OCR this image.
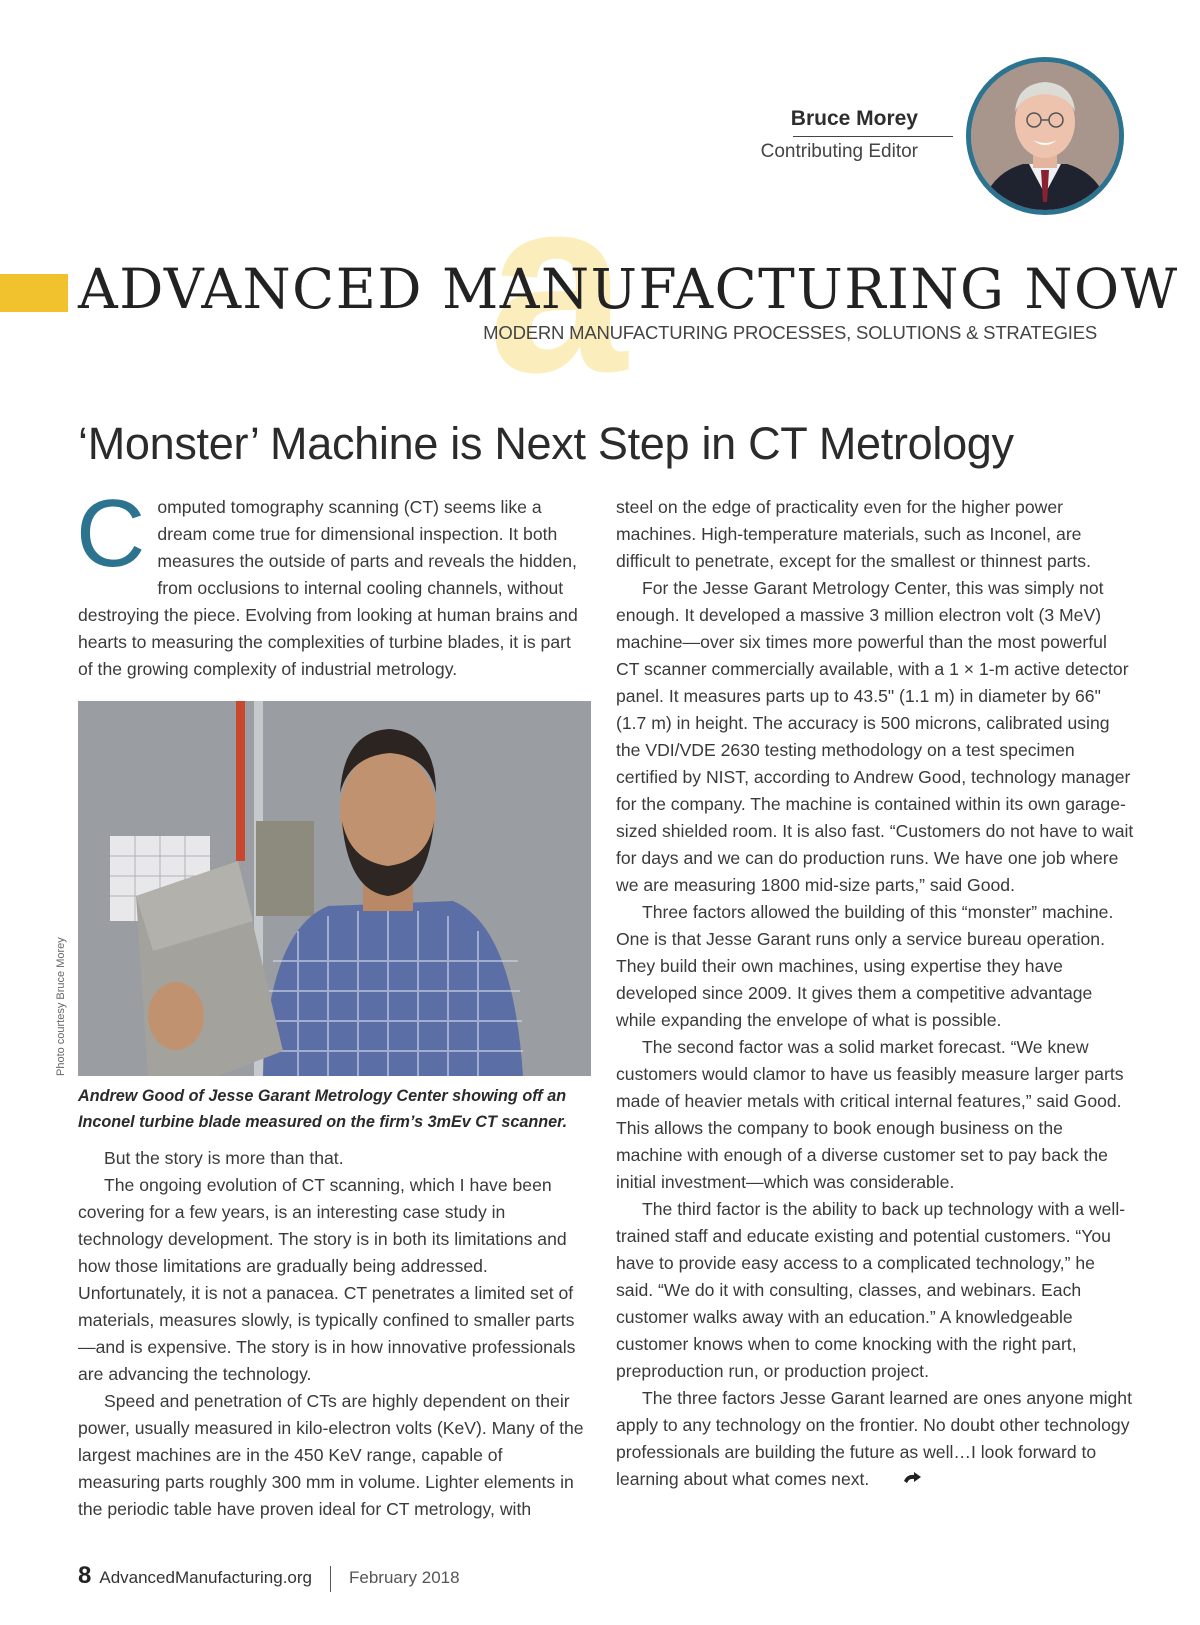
Bruce Morey
Contributing Editor
a
ADVANCED MANUFACTURING NOW
MODERN MANUFACTURING PROCESSES, SOLUTIONS & STRATEGIES
‘Monster’ Machine is Next Step in CT Metrology
C omputed tomography scanning (CT) seems like a dream come true for dimensional inspection. It both measures the outside of parts and reveals the hidden, from occlusions to internal cooling channels, without destroying the piece. Evolving from looking at human brains and hearts to measuring the complexities of turbine blades, it is part of the growing complexity of industrial metrology.
Photo courtesy Bruce Morey
Andrew Good of Jesse Garant Metrology Center showing off an Inconel turbine blade measured on the firm’s 3mEv CT scanner.

But the story is more than that.

The ongoing evolution of CT scanning, which I have been covering for a few years, is an interesting case study in technology development. The story is in both its limitations and how those limitations are gradually being addressed. Unfortunately, it is not a panacea. CT penetrates a limited set of materials, measures slowly, is typically confined to smaller parts—and is expensive. The story is in how innovative professionals are advancing the technology.

Speed and penetration of CTs are highly dependent on their power, usually measured in kilo-electron volts (KeV). Many of the largest machines are in the 450 KeV range, capable of measuring parts roughly 300 mm in volume. Lighter elements in the periodic table have proven ideal for CT metrology, with

steel on the edge of practicality even for the higher power machines. High-temperature materials, such as Inconel, are difficult to penetrate, except for the smallest or thinnest parts.

For the Jesse Garant Metrology Center, this was simply not enough. It developed a massive 3 million electron volt (3 MeV) machine—over six times more powerful than the most powerful CT scanner commercially available, with a 1 × 1-m active detector panel. It measures parts up to 43.5" (1.1 m) in diameter by 66" (1.7 m) in height. The accuracy is 500 microns, calibrated using the VDI/VDE 2630 testing methodology on a test specimen certified by NIST, according to Andrew Good, technology manager for the company. The machine is contained within its own garage-sized shielded room. It is also fast. “Customers do not have to wait for days and we can do production runs. We have one job where we are measuring 1800 mid-size parts,” said Good.

Three factors allowed the building of this “monster” machine. One is that Jesse Garant runs only a service bureau operation. They build their own machines, using expertise they have developed since 2009. It gives them a competitive advantage while expanding the envelope of what is possible.

The second factor was a solid market forecast. “We knew customers would clamor to have us feasibly measure larger parts made of heavier metals with critical internal features,” said Good. This allows the company to book enough business on the machine with enough of a diverse customer set to pay back the initial investment—which was considerable.

The third factor is the ability to back up technology with a well-trained staff and educate existing and potential customers. “You have to provide easy access to a complicated technology,” he said. “We do it with consulting, classes, and webinars. Each customer walks away with an education.” A knowledgeable customer knows when to come knocking with the right part, preproduction run, or production project.

The three factors Jesse Garant learned are ones anyone might apply to any technology on the frontier. No doubt other technology professionals are building the future as well…I look forward to learning about what comes next.

8 AdvancedManufacturing.org February 2018
